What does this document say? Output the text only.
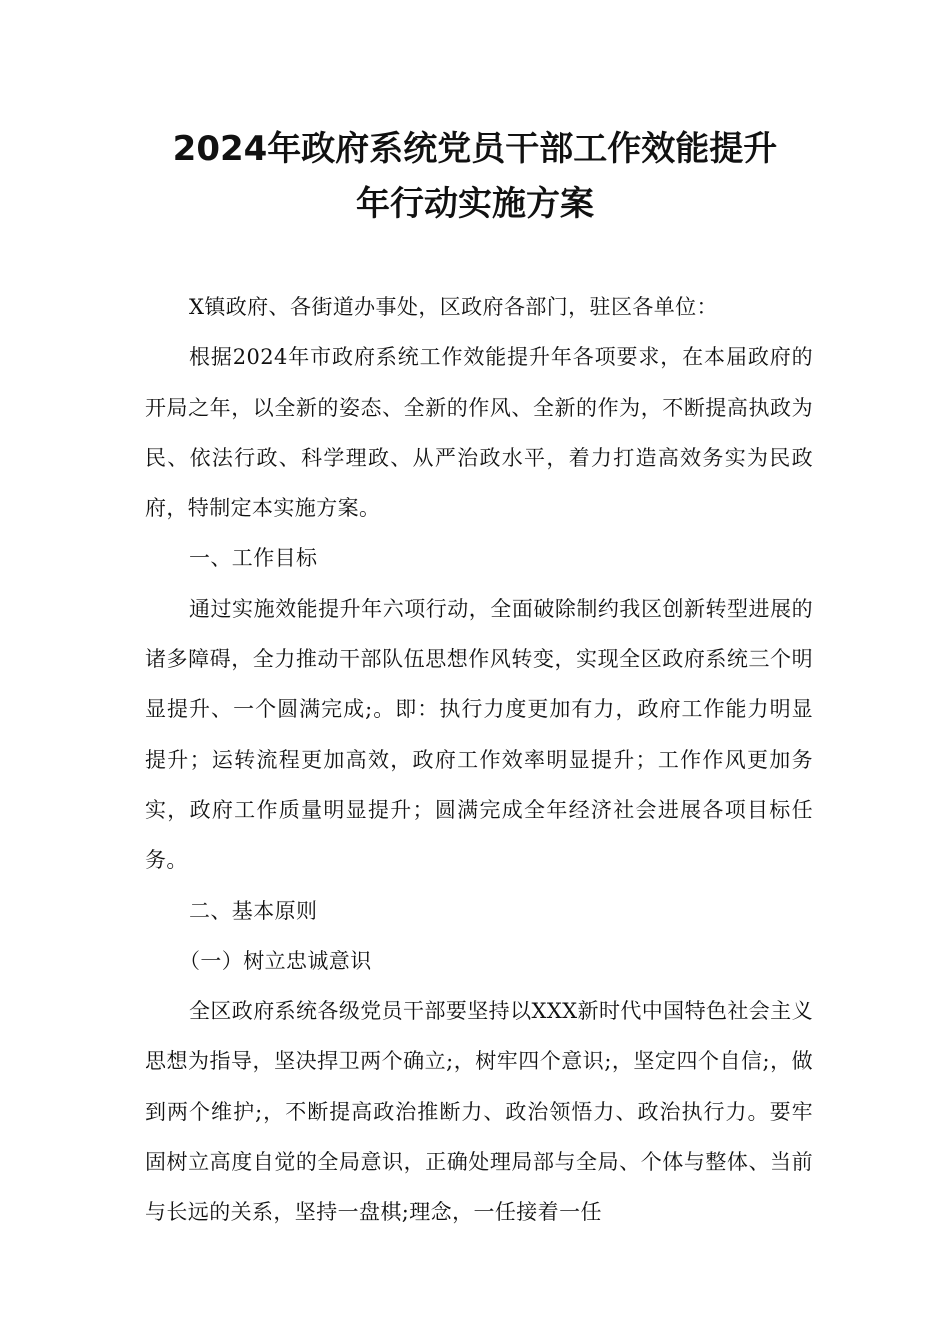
2024年政府系统党员干部工作效能提升
年行动实施方案

X镇政府、各街道办事处，区政府各部门，驻区各单位：

根据2024年市政府系统工作效能提升年各项要求，在本届政府的开局之年，以全新的姿态、全新的作风、全新的作为，不断提高执政为民、依法行政、科学理政、从严治政水平，着力打造高效务实为民政府，特制定本实施方案。

一、工作目标

通过实施效能提升年六项行动，全面破除制约我区创新转型进展的诸多障碍，全力推动干部队伍思想作风转变，实现全区政府系统三个明显提升、一个圆满完成;。即：执行力度更加有力，政府工作能力明显提升；运转流程更加高效，政府工作效率明显提升；工作作风更加务实，政府工作质量明显提升；圆满完成全年经济社会进展各项目标任务。

二、基本原则

（一）树立忠诚意识

全区政府系统各级党员干部要坚持以XXX新时代中国特色社会主义思想为指导，坚决捍卫两个确立;，树牢四个意识;，坚定四个自信;，做到两个维护;，不断提高政治推断力、政治领悟力、政治执行力。要牢固树立高度自觉的全局意识，正确处理局部与全局、个体与整体、当前与长远的关系，坚持一盘棋;理念，一任接着一任
